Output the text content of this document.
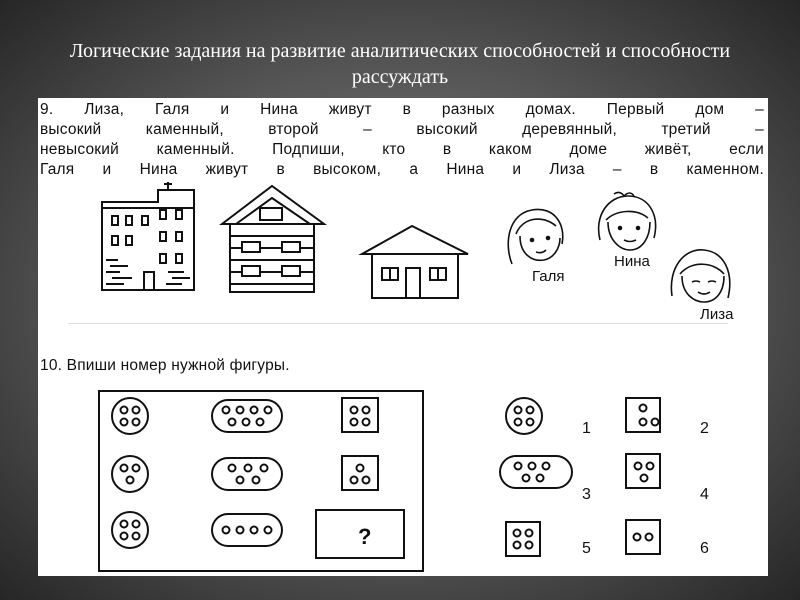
Логические задания на развитие аналитических способностей и способности рассуждать

9. Лиза, Галя и Нина живут в разных домах. Первый дом –
высокий каменный, второй – высокий деревянный, третий –
невысокий каменный. Подпиши, кто в каком доме живёт, если
Галя и Нина живут в высоком, а Нина и Лиза – в каменном.

Галя
Нина
Лиза

10. Впиши номер нужной фигуры.

?
1	2
3	4
5	6
